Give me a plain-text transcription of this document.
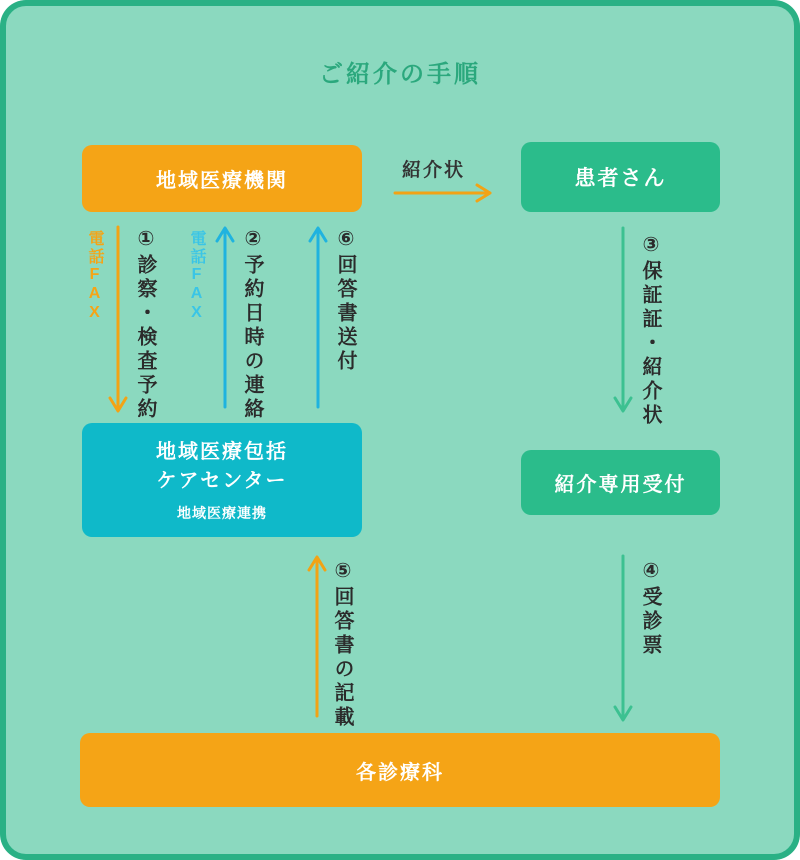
ご紹介の手順
地域医療機関	患者さん
地域医療包括
ケアセンター
地域医療連携
紹介専用受付
各診療科
紹介状
電話FAX ①診察・検査予約 電話FAX ②予約日時の連絡	⑥回答書送付	③保証証・紹介状
⑤回答書の記載	④受診票
